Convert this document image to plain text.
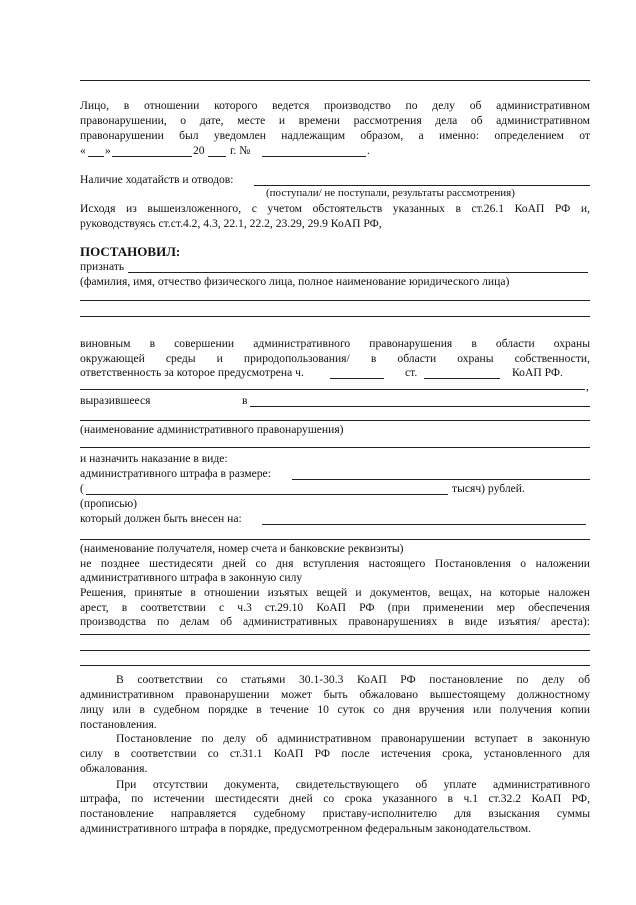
Лицо, в отношении которого ведется производство по делу об административном
правонарушении, о дате, месте и времени рассмотрения дела об административном
правонарушении был уведомлен надлежащим образом, а именно: определением от
« »	20 г. №	.
Наличие ходатайств и отводов:
(поступали/ не поступали, результаты рассмотрения)
Исходя из вышеизложенного, с учетом обстоятельств указанных в ст.26.1 КоАП РФ и,
руководствуясь ст.ст.4.2, 4.3, 22.1, 22.2, 23.29, 29.9 КоАП РФ,
ПОСТАНОВИЛ:
признать
(фамилия, имя, отчество физического лица, полное наименование юридического лица)
виновным в совершении административного правонарушения в области охраны
окружающей среды и природопользования/ в области охраны собственности,
ответственность за которое предусмотрена ч.	ст.	КоАП РФ.
,
выразившееся	в
(наименование административного правонарушения)
и назначить наказание в виде:
административного штрафа в размере:
(	тысяч) рублей.
(прописью)
который должен быть внесен на:
(наименование получателя, номер счета и банковские реквизиты)
не позднее шестидесяти дней со дня вступления настоящего Постановления о наложении
административного штрафа в законную силу
Решения, принятые в отношении изъятых вещей и документов, вещах, на которые наложен
арест, в соответствии с ч.3 ст.29.10 КоАП РФ (при применении мер обеспечения
производства по делам об административных правонарушениях в виде изъятия/ ареста):
В соответствии со статьями 30.1-30.3 КоАП РФ постановление по делу об
административном правонарушении может быть обжаловано вышестоящему должностному
лицу или в судебном порядке в течение 10 суток со дня вручения или получения копии
постановления.
Постановление по делу об административном правонарушении вступает в законную
силу в соответствии со ст.31.1 КоАП РФ после истечения срока, установленного для
обжалования.
При отсутствии документа, свидетельствующего об уплате административного
штрафа, по истечении шестидесяти дней со срока указанного в ч.1 ст.32.2 КоАП РФ,
постановление направляется судебному приставу-исполнителю для взыскания суммы
административного штрафа в порядке, предусмотренном федеральным законодательством.
